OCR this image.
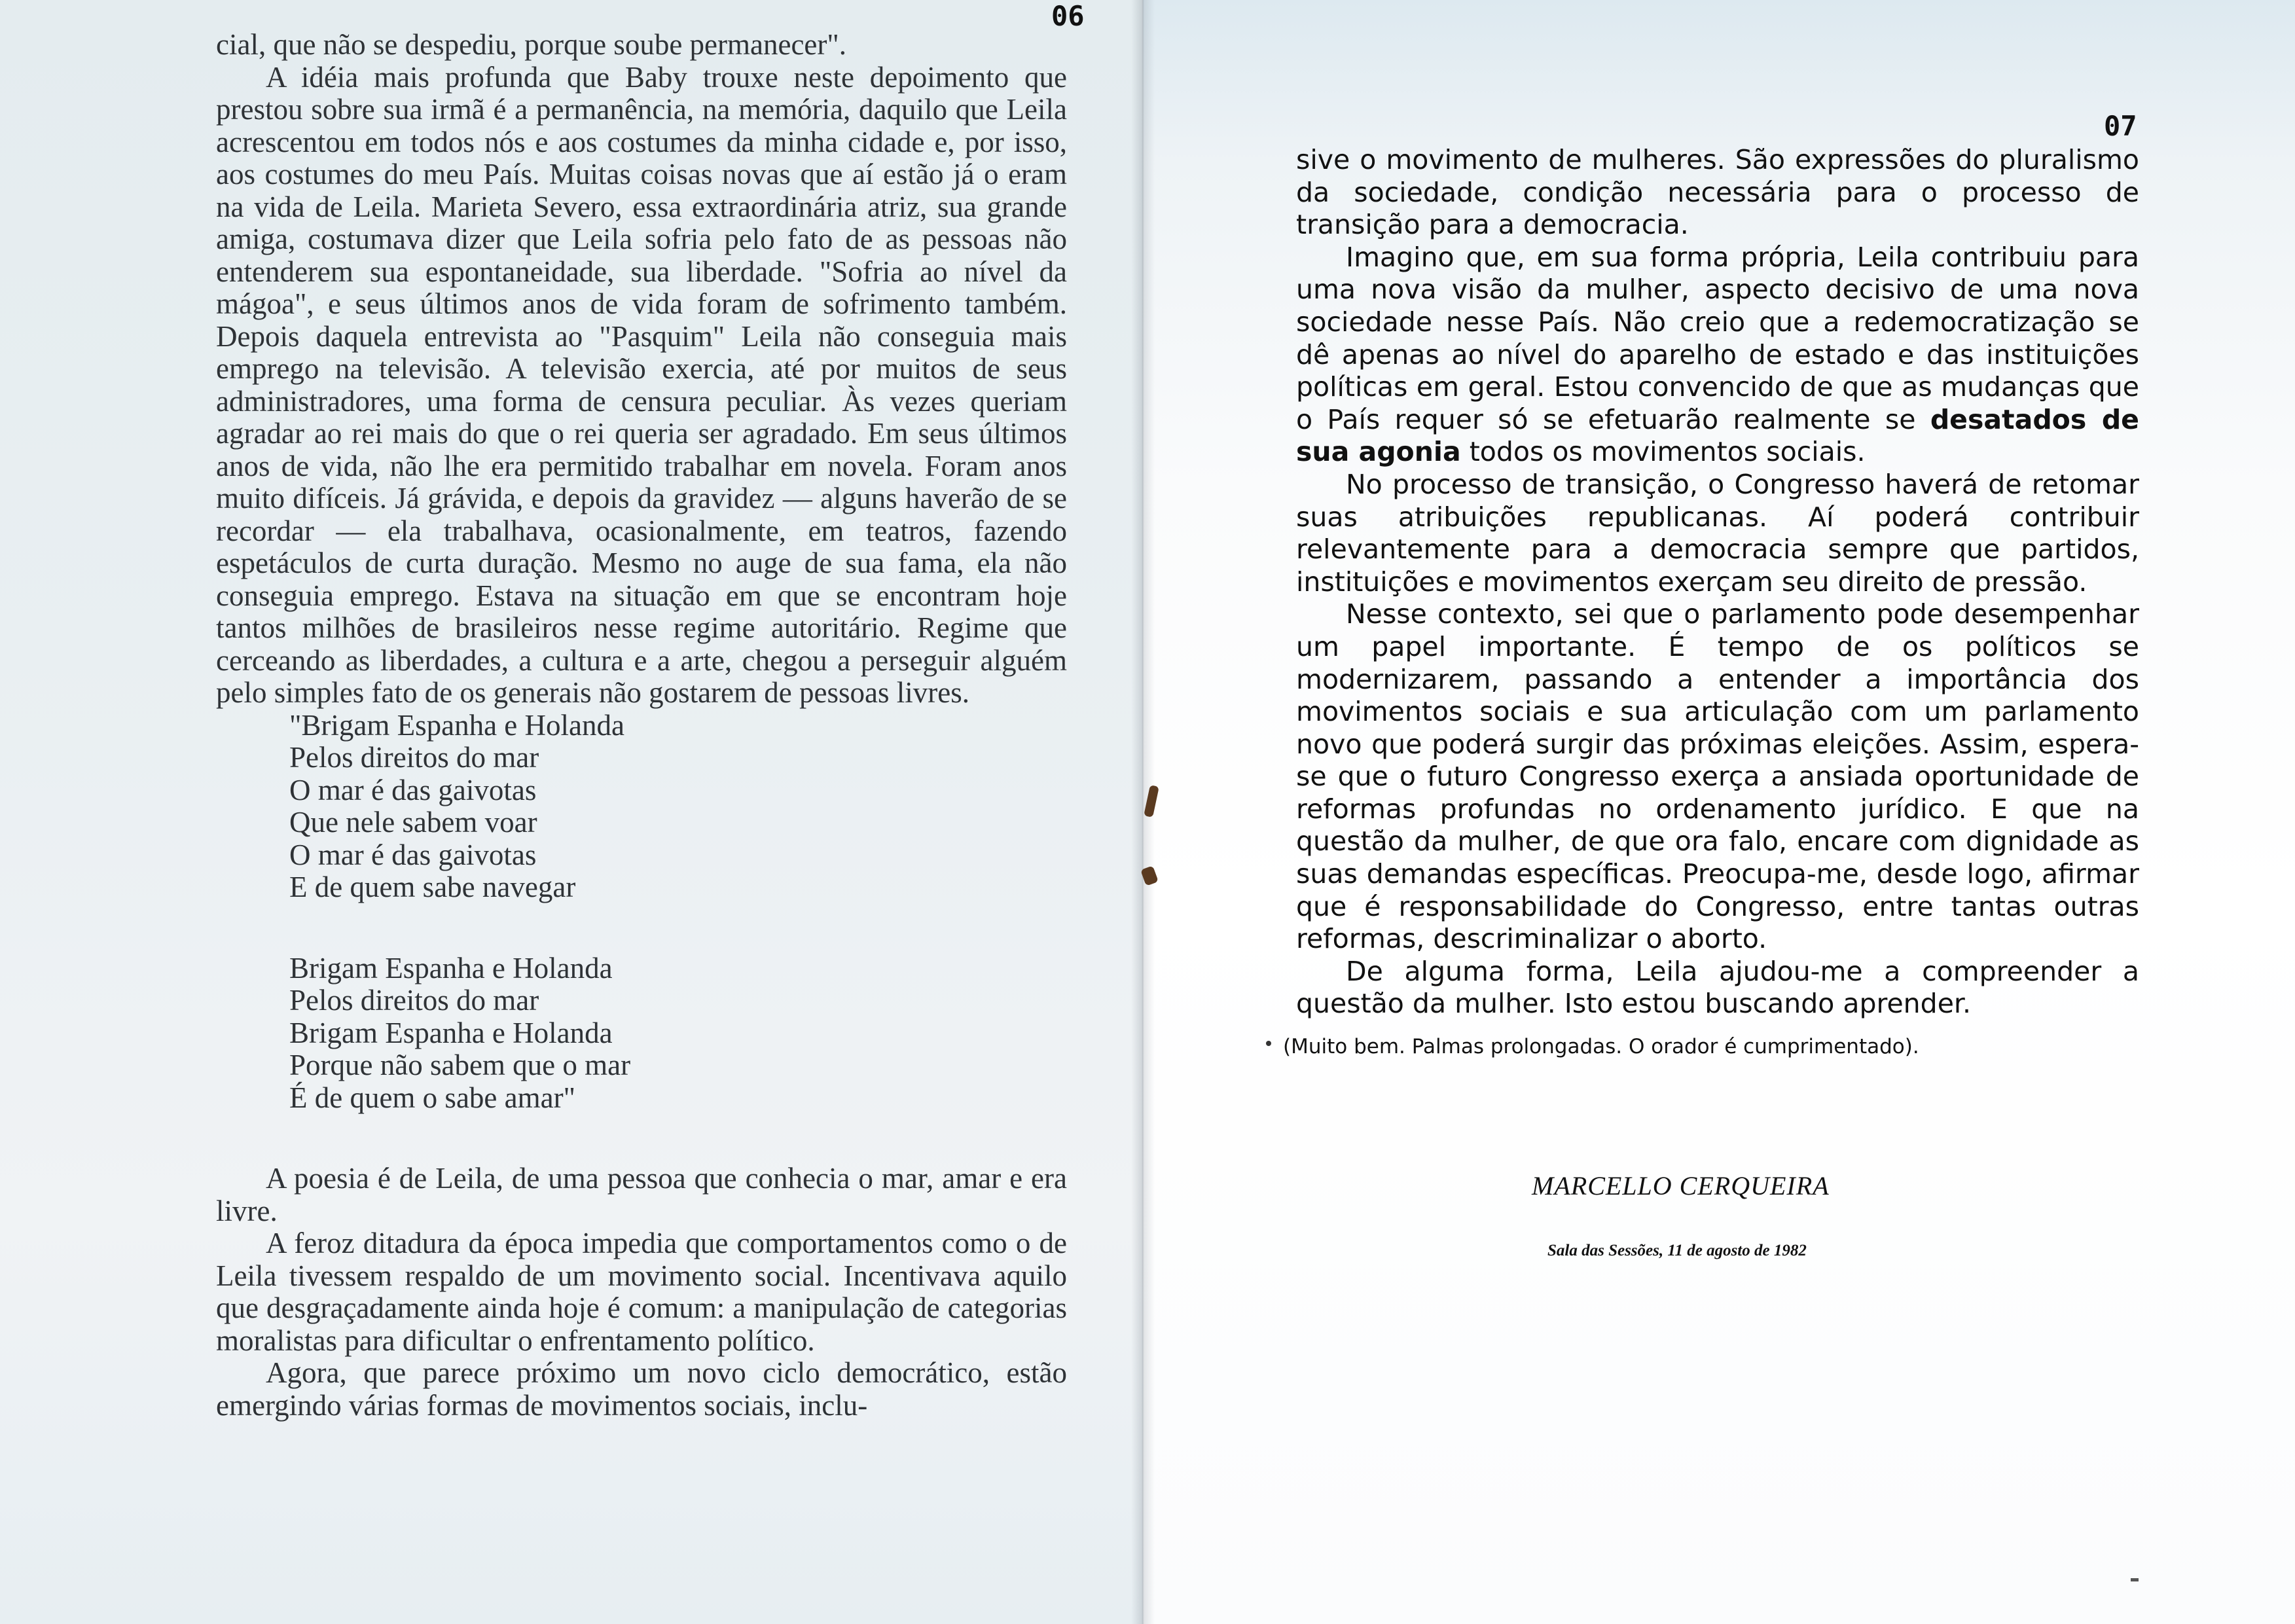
06

cial, que não se despediu, porque soube permanecer".

A idéia mais profunda que Baby trouxe neste depoimento que prestou sobre sua irmã é a permanência, na memória, daquilo que Leila acrescentou em todos nós e aos costumes da minha cidade e, por isso, aos costumes do meu País. Muitas coisas novas que aí estão já o eram na vida de Leila. Marieta Severo, essa extraordinária atriz, sua grande amiga, costumava dizer que Leila sofria pelo fato de as pessoas não entenderem sua espontaneidade, sua liberdade. "Sofria ao nível da mágoa", e seus últimos anos de vida foram de sofrimento também. Depois daquela entrevista ao "Pasquim" Leila não conseguia mais emprego na televisão. A televisão exercia, até por muitos de seus administradores, uma forma de censura peculiar. Às vezes queriam agradar ao rei mais do que o rei queria ser agradado. Em seus últimos anos de vida, não lhe era permitido trabalhar em novela. Foram anos muito difíceis. Já grávida, e depois da gravidez — alguns haverão de se recordar — ela trabalhava, ocasionalmente, em teatros, fazendo espetáculos de curta duração. Mesmo no auge de sua fama, ela não conseguia emprego. Estava na situação em que se encontram hoje tantos milhões de brasileiros nesse regime autoritário. Regime que cerceando as liberdades, a cultura e a arte, chegou a perseguir alguém pelo simples fato de os generais não gostarem de pessoas livres.

"Brigam Espanha e Holanda
Pelos direitos do mar
O mar é das gaivotas
Que nele sabem voar
O mar é das gaivotas
E de quem sabe navegar
Brigam Espanha e Holanda
Pelos direitos do mar
Brigam Espanha e Holanda
Porque não sabem que o mar
É de quem o sabe amar"

A poesia é de Leila, de uma pessoa que conhecia o mar, amar e era livre.

A feroz ditadura da época impedia que comportamentos como o de Leila tivessem respaldo de um movimento social. Incentivava aquilo que desgraçadamente ainda hoje é comum: a manipulação de categorias moralistas para dificultar o enfrentamento político.

Agora, que parece próximo um novo ciclo democrático, estão emergindo várias formas de movimentos sociais, inclu-

07

sive o movimento de mulheres. São expressões do pluralismo da sociedade, condição necessária para o processo de transição para a democracia.

Imagino que, em sua forma própria, Leila contribuiu para uma nova visão da mulher, aspecto decisivo de uma nova sociedade nesse País. Não creio que a redemocratização se dê apenas ao nível do aparelho de estado e das instituições políticas em geral. Estou convencido de que as mudanças que o País requer só se efetuarão realmente se desatados de sua agonia todos os movimentos sociais.

No processo de transição, o Congresso haverá de retomar suas atribuições republicanas. Aí poderá contribuir relevantemente para a democracia sempre que partidos, instituições e movimentos exerçam seu direito de pressão.

Nesse contexto, sei que o parlamento pode desempenhar um papel importante. É tempo de os políticos se modernizarem, passando a entender a importância dos movimentos sociais e sua articulação com um parlamento novo que poderá surgir das próximas eleições. Assim, espera-se que o futuro Congresso exerça a ansiada oportunidade de reformas profundas no ordenamento jurídico. E que na questão da mulher, de que ora falo, encare com dignidade as suas demandas específicas. Preocupa-me, desde logo, afirmar que é responsabilidade do Congresso, entre tantas outras reformas, descriminalizar o aborto.

De alguma forma, Leila ajudou-me a compreender a questão da mulher. Isto estou buscando aprender.

(Muito bem. Palmas prolongadas. O orador é cumprimentado).
MARCELLO CERQUEIRA
Sala das Sessões, 11 de agosto de 1982
